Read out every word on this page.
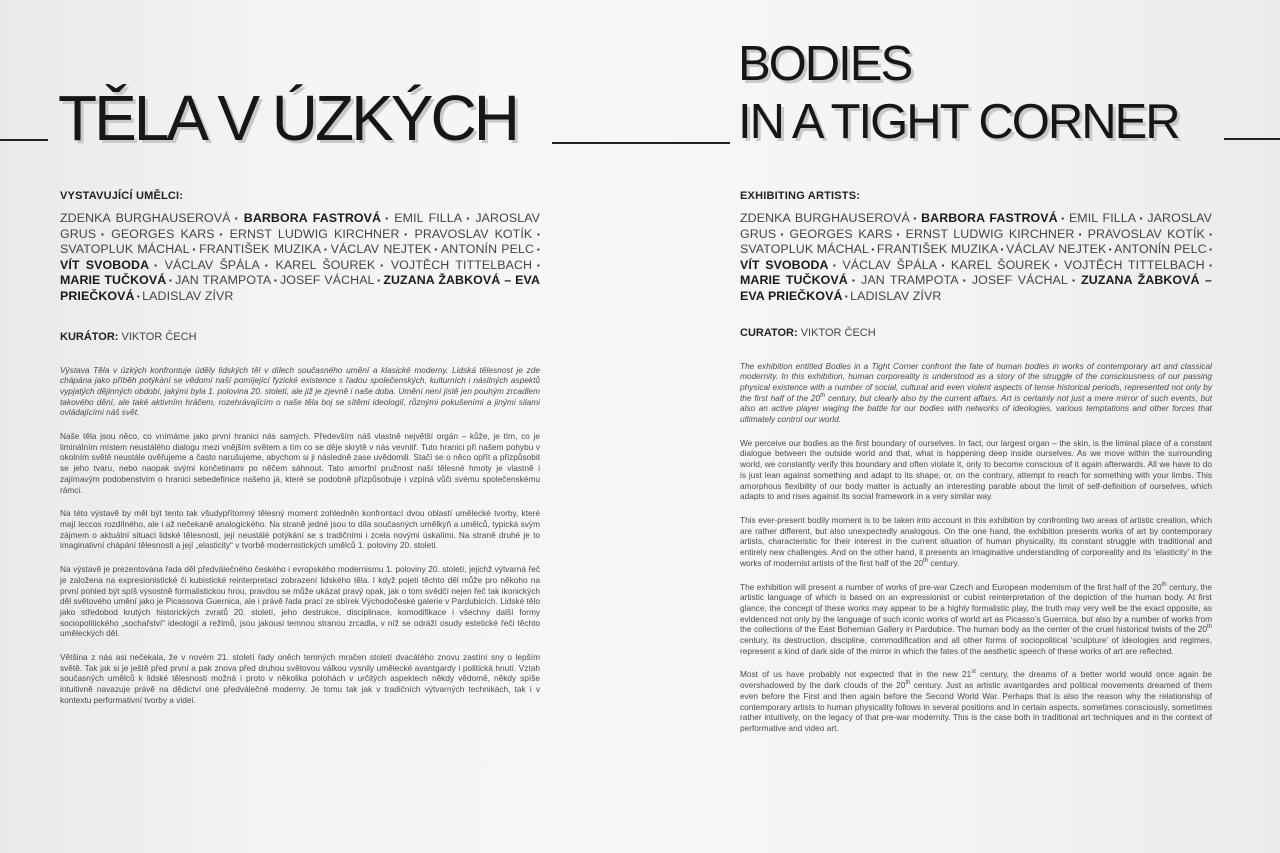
TĚLA V ÚZKÝCH
BODIES
IN A TIGHT CORNER

VYSTAVUJÍCÍ UMĚLCI:

ZDENKA BURGHAUSEROVÁ ▪ BARBORA FASTROVÁ ▪ EMIL FILLA ▪ JAROSLAV GRUS ▪ GEORGES KARS ▪ ERNST LUDWIG KIRCHNER ▪ PRAVOSLAV KOTÍK ▪ SVATOPLUK MÁCHAL ▪ FRANTIŠEK MUZIKA ▪ VÁCLAV NEJTEK ▪ ANTONÍN PELC ▪ VÍT SVOBODA ▪ VÁCLAV ŠPÁLA ▪ KAREL ŠOUREK ▪ VOJTĚCH TITTELBACH ▪ MARIE TUČKOVÁ ▪ JAN TRAMPOTA ▪ JOSEF VÁCHAL ▪ ZUZANA ŽABKOVÁ – EVA PRIEČKOVÁ ▪ LADISLAV ZÍVR

KURÁTOR: VIKTOR ČECH

Výstava Těla v úzkých konfrontuje úděly lidských těl v dílech současného umění a klasické moderny. Lidská tělesnost je zde chápána jako příběh potýkání se vědomí naší pomíjející fyzické existence s řadou společenských, kulturních i násilných aspektů vypjatých dějinných období, jakými byla 1. polovina 20. století, ale již je zjevně i naše doba. Umění není jistě jen pouhým zrcadlem takového dění, ale také aktivním hráčem, rozehrávajícím o naše těla boj se sítěmi ideologií, různými pokušeními a jinými silami ovládajícími náš svět.

Naše těla jsou něco, co vnímáme jako první hranici nás samých. Především náš vlastně největší orgán – kůže, je tím, co je liminálním místem neustálého dialogu mezi vnějším světem a tím co se děje skrytě v nás vevnitř. Tuto hranici při našem pohybu v okolním světě neustále ověřujeme a často narušujeme, abychom si ji následně zase uvědomili. Stačí se o něco opřít a přizpůsobit se jeho tvaru, nebo naopak svými končetinami po něčem sáhnout. Tato amorfní pružnost naší tělesné hmoty je vlastně i zajímavým podobenstvím o hranici sebedefinice našeho já, které se podobně přizpůsobuje i vzpíná vůči svému společenskému rámci.

Na této výstavě by měl být tento tak všudypřítomný tělesný moment zohledněn konfrontací dvou oblastí umělecké tvorby, které mají leccos rozdílného, ale i až nečekaně analogického. Na straně jedné jsou to díla současných umělkyň a umělců, typická svým zájmem o aktuální situaci lidské tělesnosti, její neustálé potýkání se s tradičními i zcela novými úskalími. Na straně druhé je to imaginativní chápání tělesnosti a její „elasticity“ v tvorbě modernistických umělců 1. poloviny 20. století.

Na výstavě je prezentována řada děl předválečného českého i evropského modernismu 1. poloviny 20. století, jejichž výtvarná řeč je založena na expresionistické či kubistické reinterpretaci zobrazení lidského těla. I když pojetí těchto děl může pro někoho na první pohled být spíš výsostně formalistickou hrou, pravdou se může ukázat pravý opak, jak o tom svědčí nejen řeč tak ikonických děl světového umění jako je Picassova Guernica, ale i právě řada prací ze sbírek Východočeské galerie v Pardubicích. Lidské tělo jako středobod krutých historických zvratů 20. století, jeho destrukce, disciplinace, komodifikace i všechny další formy sociopolitického „sochařství“ ideologií a režimů, jsou jakousi temnou stranou zrcadla, v níž se odráží osudy estetické řeči těchto uměleckých děl.

Většina z nás asi nečekala, že v novém 21. století řady oněch temných mračen století dvacátého znovu zastíní sny o lepším světě. Tak jak si je ještě před první a pak znova před druhou světovou válkou vysnily umělecké avantgardy i politická hnutí. Vztah současných umělců k lidské tělesnosti možná i proto v několika polohách v určitých aspektech někdy vědomě, někdy spíše intuitivně navazuje právě na dědictví oné předválečné moderny. Je tomu tak jak v tradičních výtvarných technikách, tak i v kontextu performativní tvorby a videí.

EXHIBITING ARTISTS:

ZDENKA BURGHAUSEROVÁ ▪ BARBORA FASTROVÁ ▪ EMIL FILLA ▪ JAROSLAV GRUS ▪ GEORGES KARS ▪ ERNST LUDWIG KIRCHNER ▪ PRAVOSLAV KOTÍK ▪ SVATOPLUK MÁCHAL ▪ FRANTIŠEK MUZIKA ▪ VÁCLAV NEJTEK ▪ ANTONÍN PELC ▪ VÍT SVOBODA ▪ VÁCLAV ŠPÁLA ▪ KAREL ŠOUREK ▪ VOJTĚCH TITTELBACH ▪ MARIE TUČKOVÁ ▪ JAN TRAMPOTA ▪ JOSEF VÁCHAL ▪ ZUZANA ŽABKOVÁ – EVA PRIEČKOVÁ ▪ LADISLAV ZÍVR

CURATOR: VIKTOR ČECH

The exhibition entitled Bodies in a Tight Corner confront the fate of human bodies in works of contemporary art and classical modernity. In this exhibition, human corporeality is understood as a story of the struggle of the consciousness of our passing physical existence with a number of social, cultural and even violent aspects of tense historical periods, represented not only by the first half of the 20th century, but clearly also by the current affairs. Art is certainly not just a mere mirror of such events, but also an active player waging the battle for our bodies with networks of ideologies, various temptations and other forces that ultimately control our world.

We perceive our bodies as the first boundary of ourselves. In fact, our largest organ – the skin, is the liminal place of a constant dialogue between the outside world and that, what is happening deep inside ourselves. As we move within the surrounding world, we constantly verify this boundary and often violate it, only to become conscious of it again afterwards. All we have to do is just lean against something and adapt to its shape, or, on the contrary, attempt to reach for something with your limbs. This amorphous flexibility of our body matter is actually an interesting parable about the limit of self-definition of ourselves, which adapts to and rises against its social framework in a very similar way.

This ever-present bodily moment is to be taken into account in this exhibition by confronting two areas of artistic creation, which are rather different, but also unexpectedly analogous. On the one hand, the exhibition presents works of art by contemporary artists, characteristic for their interest in the current situation of human physicality, its constant struggle with traditional and entirely new challenges. And on the other hand, it presents an imaginative understanding of corporeality and its ‘elasticity’ in the works of modernist artists of the first half of the 20th century.

The exhibition will present a number of works of pre-war Czech and European modernism of the first half of the 20th century, the artistic language of which is based on an expressionist or cubist reinterpretation of the depiction of the human body. At first glance, the concept of these works may appear to be a highly formalistic play, the truth may very well be the exact opposite, as evidenced not only by the language of such iconic works of world art as Picasso’s Guernica, but also by a number of works from the collections of the East Bohemian Gallery in Pardubice. The human body as the center of the cruel historical twists of the 20th century, its destruction, discipline, commodification and all other forms of sociopolitical ‘sculpture’ of ideologies and regimes, represent a kind of dark side of the mirror in which the fates of the aesthetic speech of these works of art are reflected.

Most of us have probably not expected that in the new 21st century, the dreams of a better world would once again be overshadowed by the dark clouds of the 20th century. Just as artistic avantgardes and political movements dreamed of them even before the First and then again before the Second World War. Perhaps that is also the reason why the relationship of contemporary artists to human physicality follows in several positions and in certain aspects, sometimes consciously, sometimes rather intuitively, on the legacy of that pre-war modernity. This is the case both in traditional art techniques and in the context of performative and video art.
